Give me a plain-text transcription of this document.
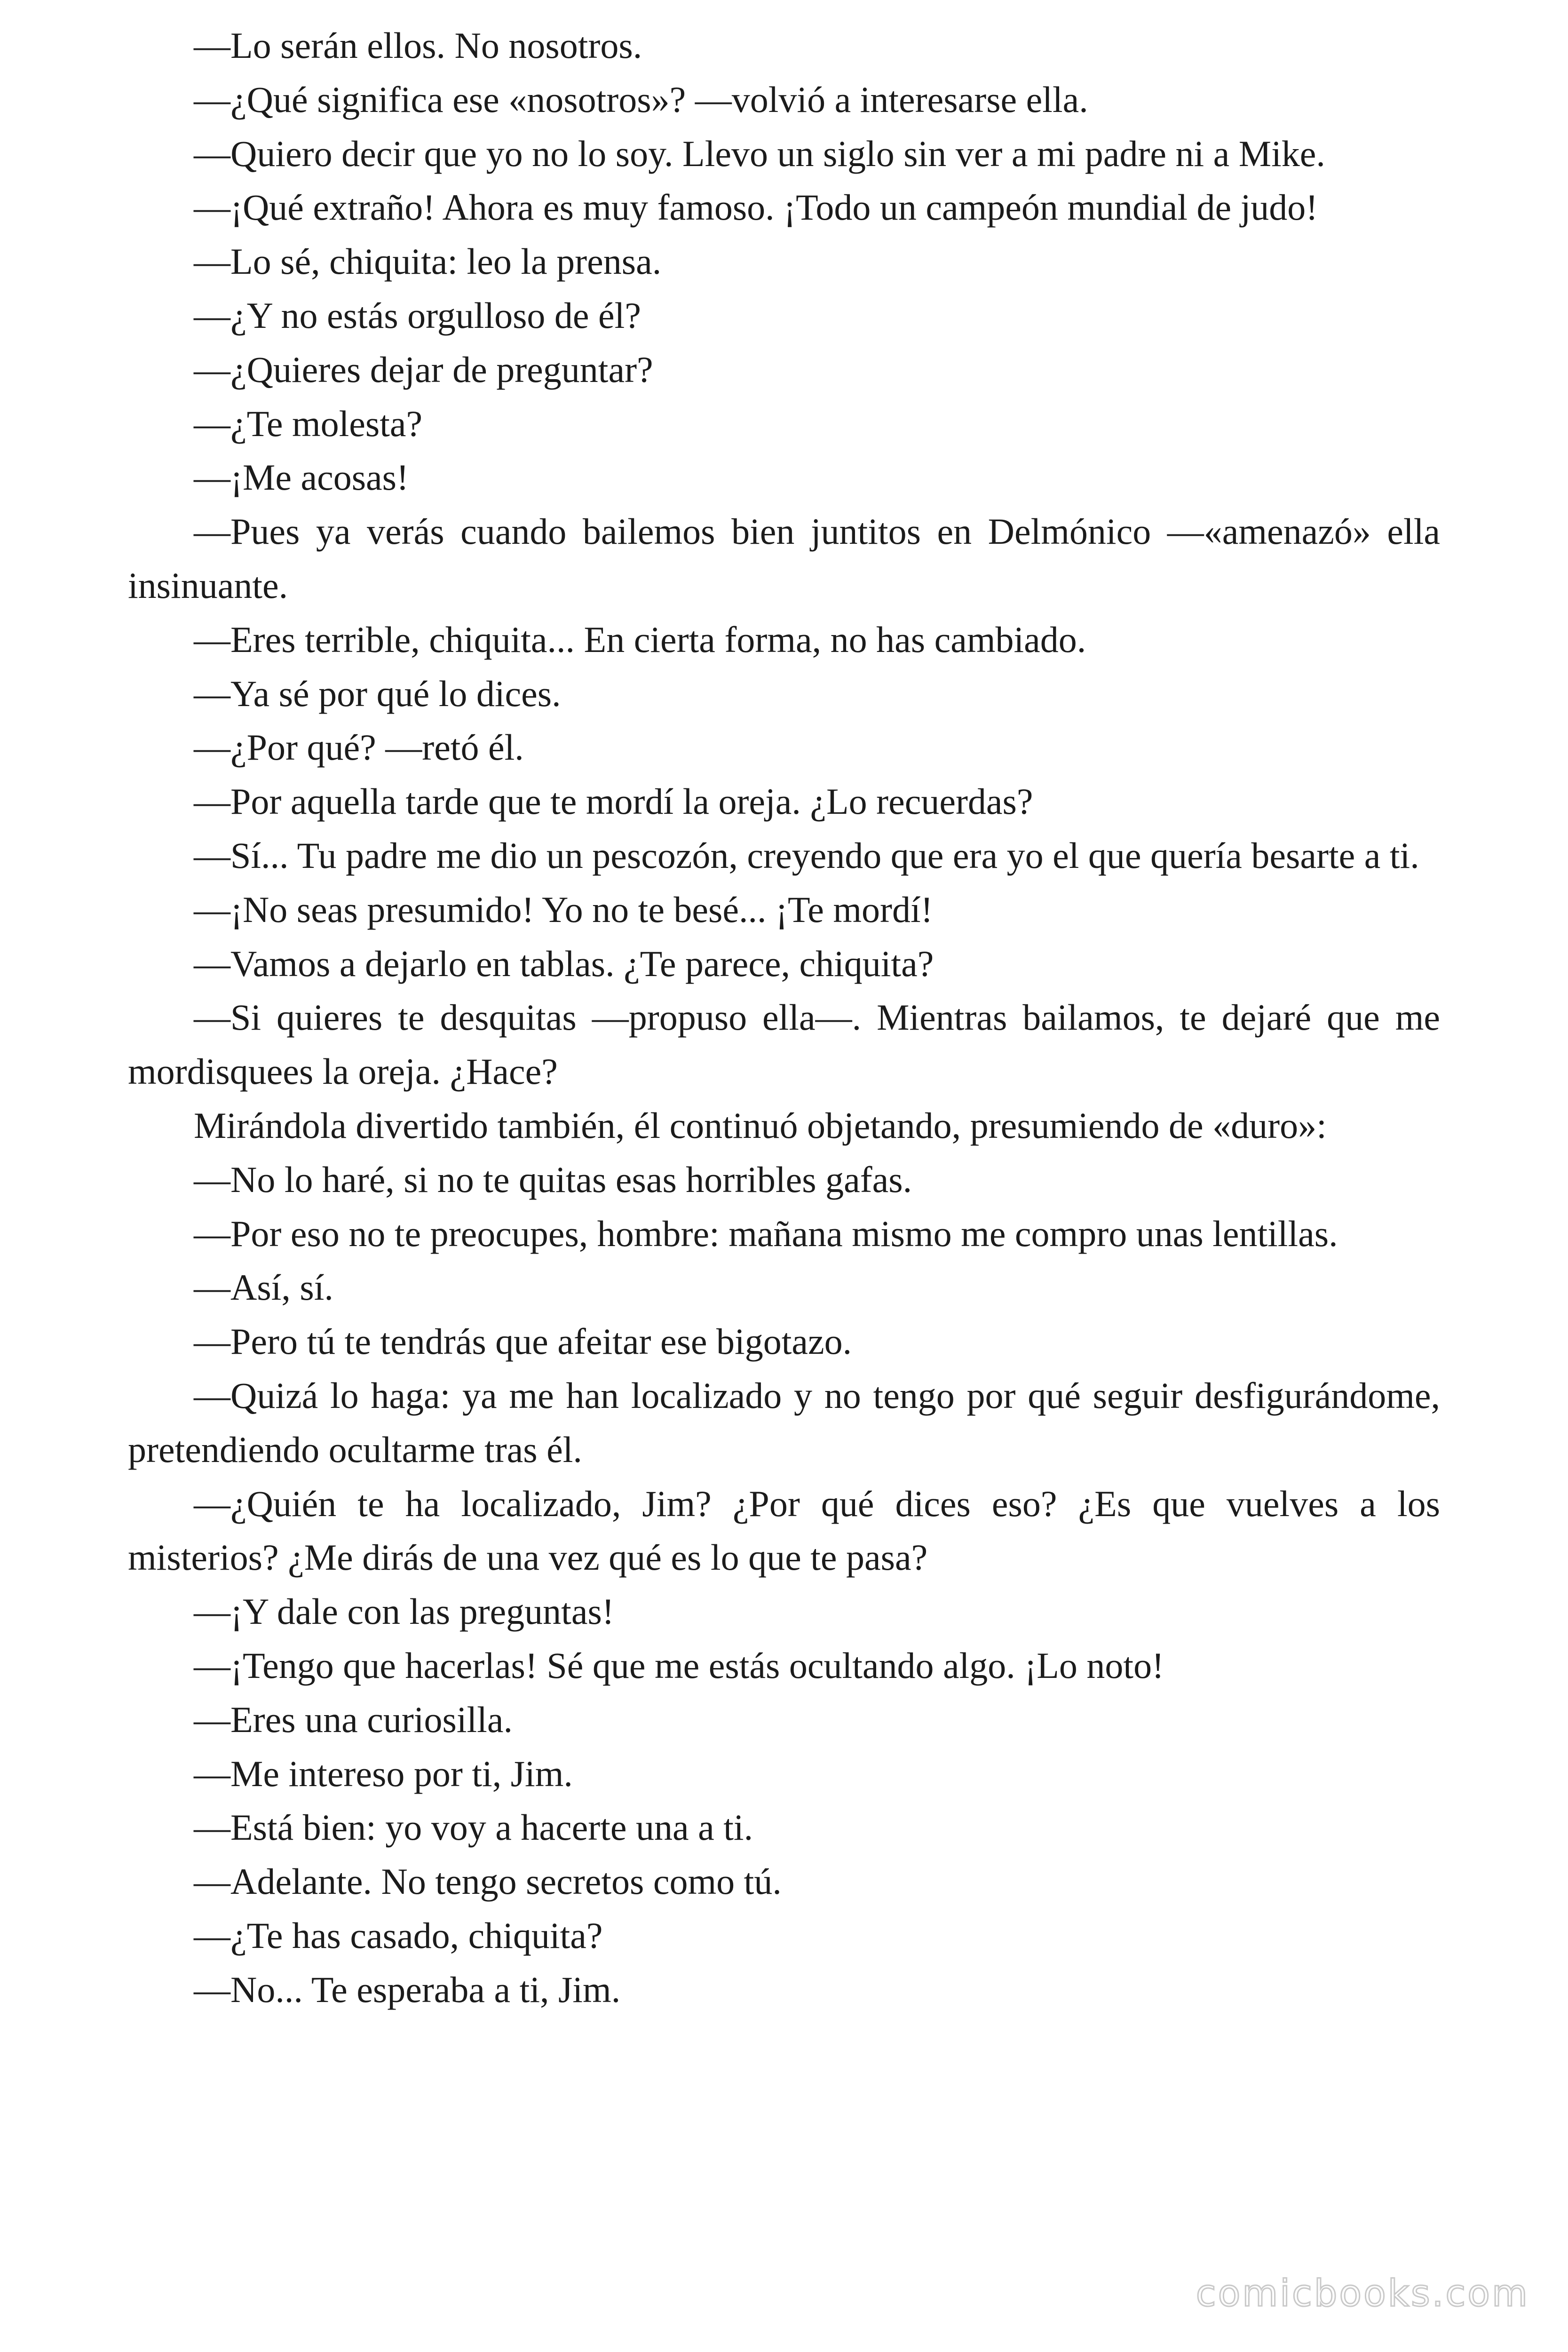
—Lo serán ellos. No nosotros.

—¿Qué significa ese «nosotros»? —volvió a interesarse ella.

—Quiero decir que yo no lo soy. Llevo un siglo sin ver a mi padre ni a Mike.

—¡Qué extraño! Ahora es muy famoso. ¡Todo un campeón mundial de judo!

—Lo sé, chiquita: leo la prensa.

—¿Y no estás orgulloso de él?

—¿Quieres dejar de preguntar?

—¿Te molesta?

—¡Me acosas!

—Pues ya verás cuando bailemos bien juntitos en Delmónico —«amenazó» ella insinuante.

—Eres terrible, chiquita... En cierta forma, no has cambiado.

—Ya sé por qué lo dices.

—¿Por qué? —retó él.

—Por aquella tarde que te mordí la oreja. ¿Lo recuerdas?

—Sí... Tu padre me dio un pescozón, creyendo que era yo el que quería besarte a ti.

—¡No seas presumido! Yo no te besé... ¡Te mordí!

—Vamos a dejarlo en tablas. ¿Te parece, chiquita?

—Si quieres te desquitas —propuso ella—. Mientras bailamos, te dejaré que me mordisquees la oreja. ¿Hace?

Mirándola divertido también, él continuó objetando, presumiendo de «duro»:

—No lo haré, si no te quitas esas horribles gafas.

—Por eso no te preocupes, hombre: mañana mismo me compro unas lentillas.

—Así, sí.

—Pero tú te tendrás que afeitar ese bigotazo.

—Quizá lo haga: ya me han localizado y no tengo por qué seguir desfigurándome, pretendiendo ocultarme tras él.

—¿Quién te ha localizado, Jim? ¿Por qué dices eso? ¿Es que vuelves a los misterios? ¿Me dirás de una vez qué es lo que te pasa?

—¡Y dale con las preguntas!

—¡Tengo que hacerlas! Sé que me estás ocultando algo. ¡Lo noto!

—Eres una curiosilla.

—Me intereso por ti, Jim.

—Está bien: yo voy a hacerte una a ti.

—Adelante. No tengo secretos como tú.

—¿Te has casado, chiquita?

—No... Te esperaba a ti, Jim.

comicbooks.com
